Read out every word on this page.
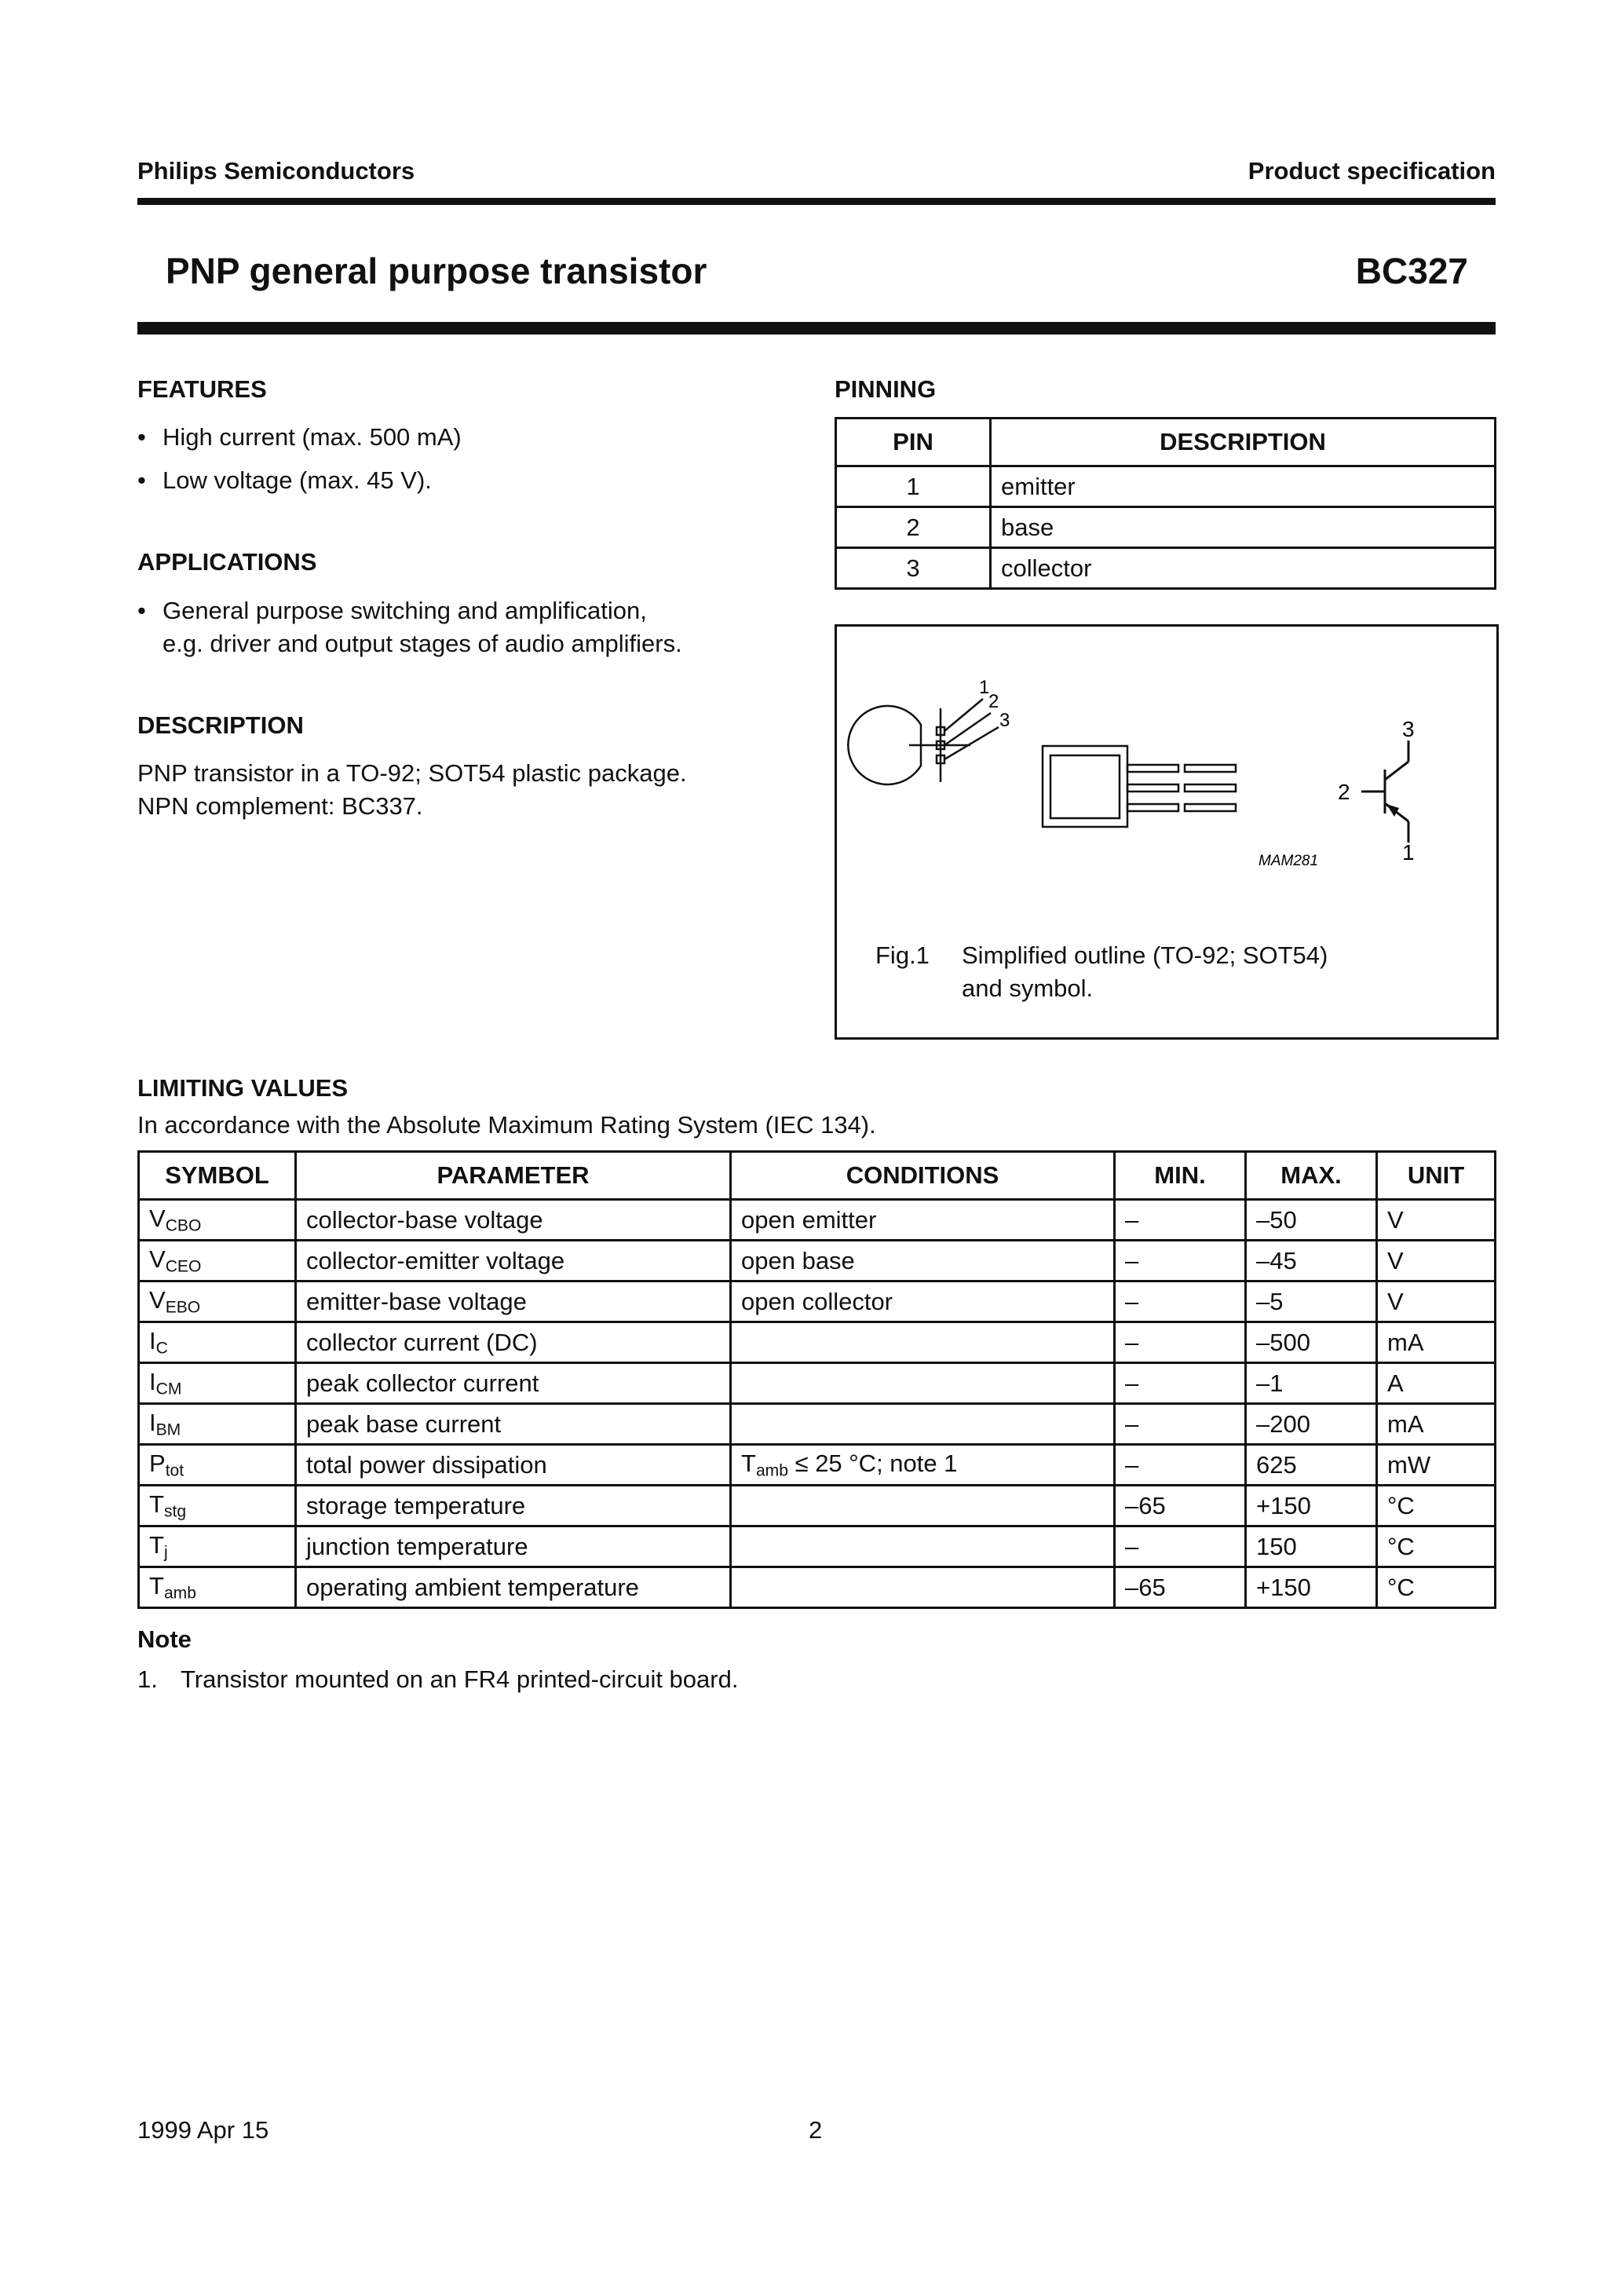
Philips Semiconductors	Product specification
PNP general purpose transistor	BC327
FEATURES
• High current (max. 500 mA)
• Low voltage (max. 45 V).
APPLICATIONS
• General purpose switching and amplification,
e.g. driver and output stages of audio amplifiers.
DESCRIPTION
PNP transistor in a TO-92; SOT54 plastic package.
NPN complement: BC337.
PINNING
PIN	DESCRIPTION
1	emitter
2	base
3	collector
1
2
3	3
2
1
MAM281
Fig.1 Simplified outline (TO-92; SOT54)
and symbol.
LIMITING VALUES
In accordance with the Absolute Maximum Rating System (IEC 134).
SYMBOL	PARAMETER	CONDITIONS	MIN.	MAX.	UNIT
$V_{CBO}$	collector-base voltage	open emitter	–	–50	V
$V_{CEO}$	collector-emitter voltage	open base	–	–45	V
$V_{EBO}$	emitter-base voltage	open collector	–	–5	V
$I_C$	collector current (DC)		–	–500	mA
$I_{CM}$	peak collector current		–	–1	A
$I_{BM}$	peak base current		–	–200	mA
$P_{tot}$	total power dissipation	$T_{amb} \le 25$ °C; note 1	–	625	mW
$T_{stg}$	storage temperature		–65	+150	°C
$T_j$	junction temperature		–	150	°C
$T_{amb}$	operating ambient temperature		–65	+150	°C
Note
1. Transistor mounted on an FR4 printed-circuit board.
1999 Apr 15	2
